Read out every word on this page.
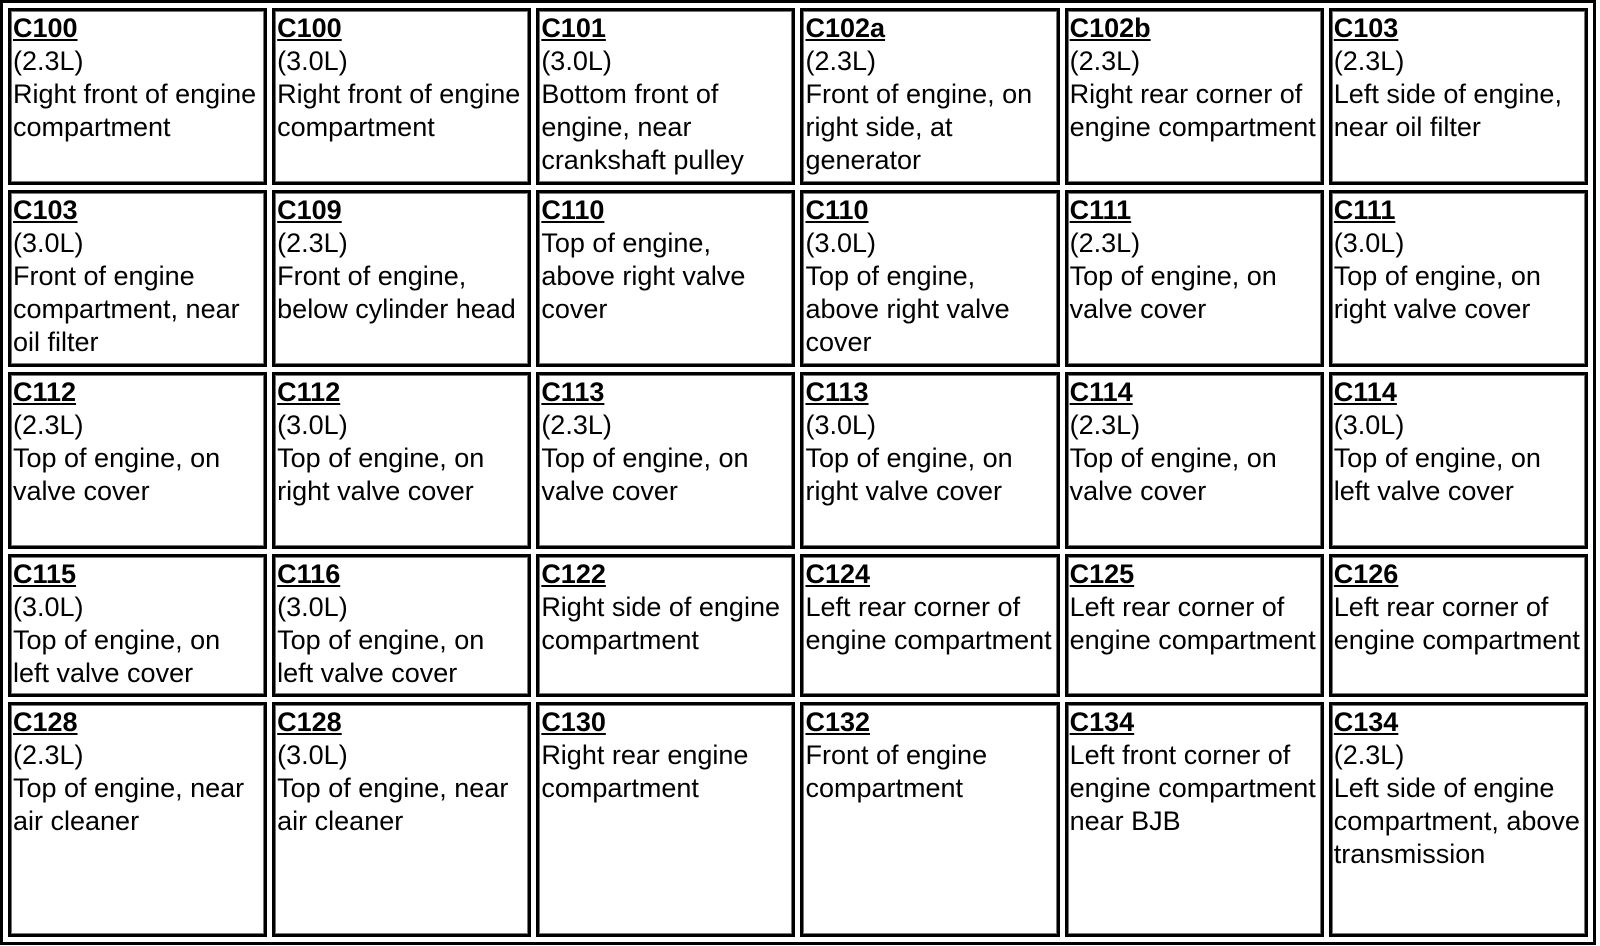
C100
(2.3L)
Right front of engine compartment	C100
(3.0L)
Right front of engine compartment	C101
(3.0L)
Bottom front of engine, near crankshaft pulley	C102a
(2.3L)
Front of engine, on right side, at generator	C102b
(2.3L)
Right rear corner of engine compartment	C103
(2.3L)
Left side of engine, near oil filter

C103
(3.0L)
Front of engine compartment, near oil filter	C109
(2.3L)
Front of engine, below cylinder head	C110
Top of engine, above right valve cover	C110
(3.0L)
Top of engine, above right valve cover	C111
(2.3L)
Top of engine, on valve cover	C111
(3.0L)
Top of engine, on right valve cover

C112
(2.3L)
Top of engine, on valve cover	C112
(3.0L)
Top of engine, on right valve cover	C113
(2.3L)
Top of engine, on valve cover	C113
(3.0L)
Top of engine, on right valve cover	C114
(2.3L)
Top of engine, on valve cover	C114
(3.0L)
Top of engine, on left valve cover

C115
(3.0L)
Top of engine, on left valve cover	C116
(3.0L)
Top of engine, on left valve cover	C122
Right side of engine compartment	C124
Left rear corner of engine compartment	C125
Left rear corner of engine compartment	C126
Left rear corner of engine compartment

C128
(2.3L)
Top of engine, near air cleaner	C128
(3.0L)
Top of engine, near air cleaner	C130
Right rear engine compartment	C132
Front of engine compartment	C134
Left front corner of engine compartment near BJB	C134
(2.3L)
Left side of engine compartment, above transmission
